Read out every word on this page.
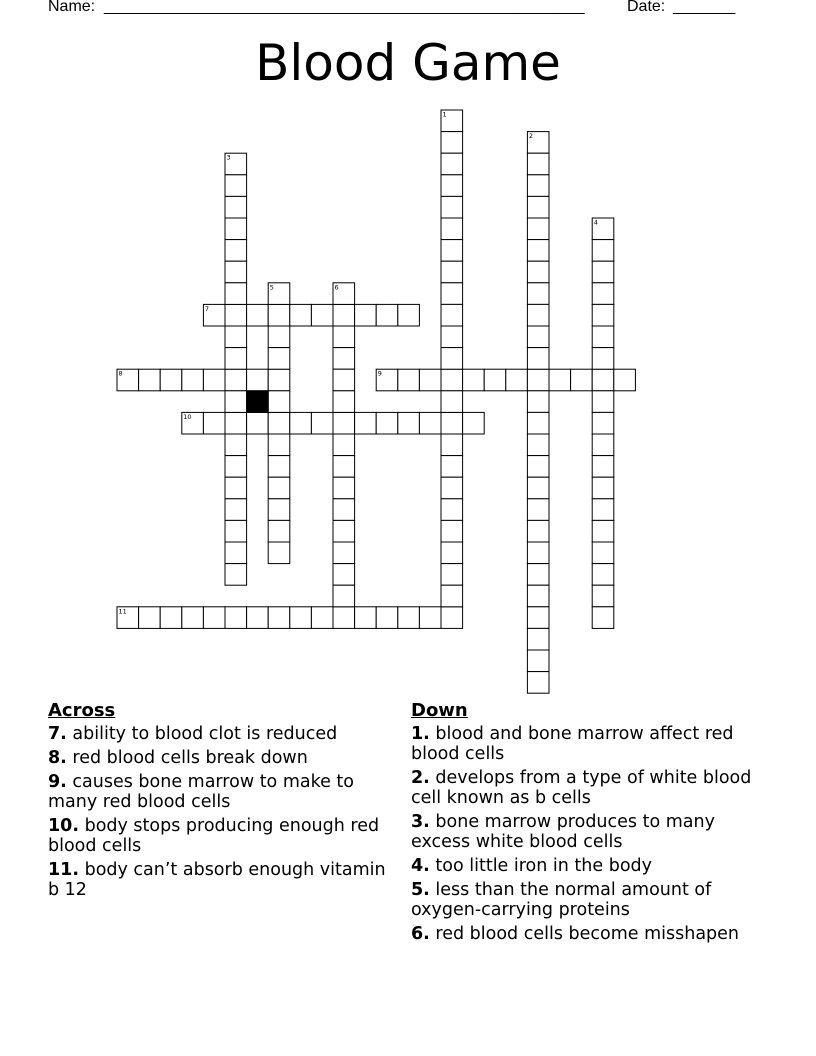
Name: ______________________________________________________	Date: _______
Blood Game
7
8	9
10
11
1
2
3
4
5	6
Across
7. ability to blood clot is reduced
8. red blood cells break down
9. causes bone marrow to make to many red blood cells
10. body stops producing enough red blood cells
11. body can’t absorb enough vitamin b 12
Down
1. blood and bone marrow affect red blood cells
2. develops from a type of white blood cell known as b cells
3. bone marrow produces to many excess white blood cells
4. too little iron in the body
5. less than the normal amount of oxygen-carrying proteins
6. red blood cells become misshapen
